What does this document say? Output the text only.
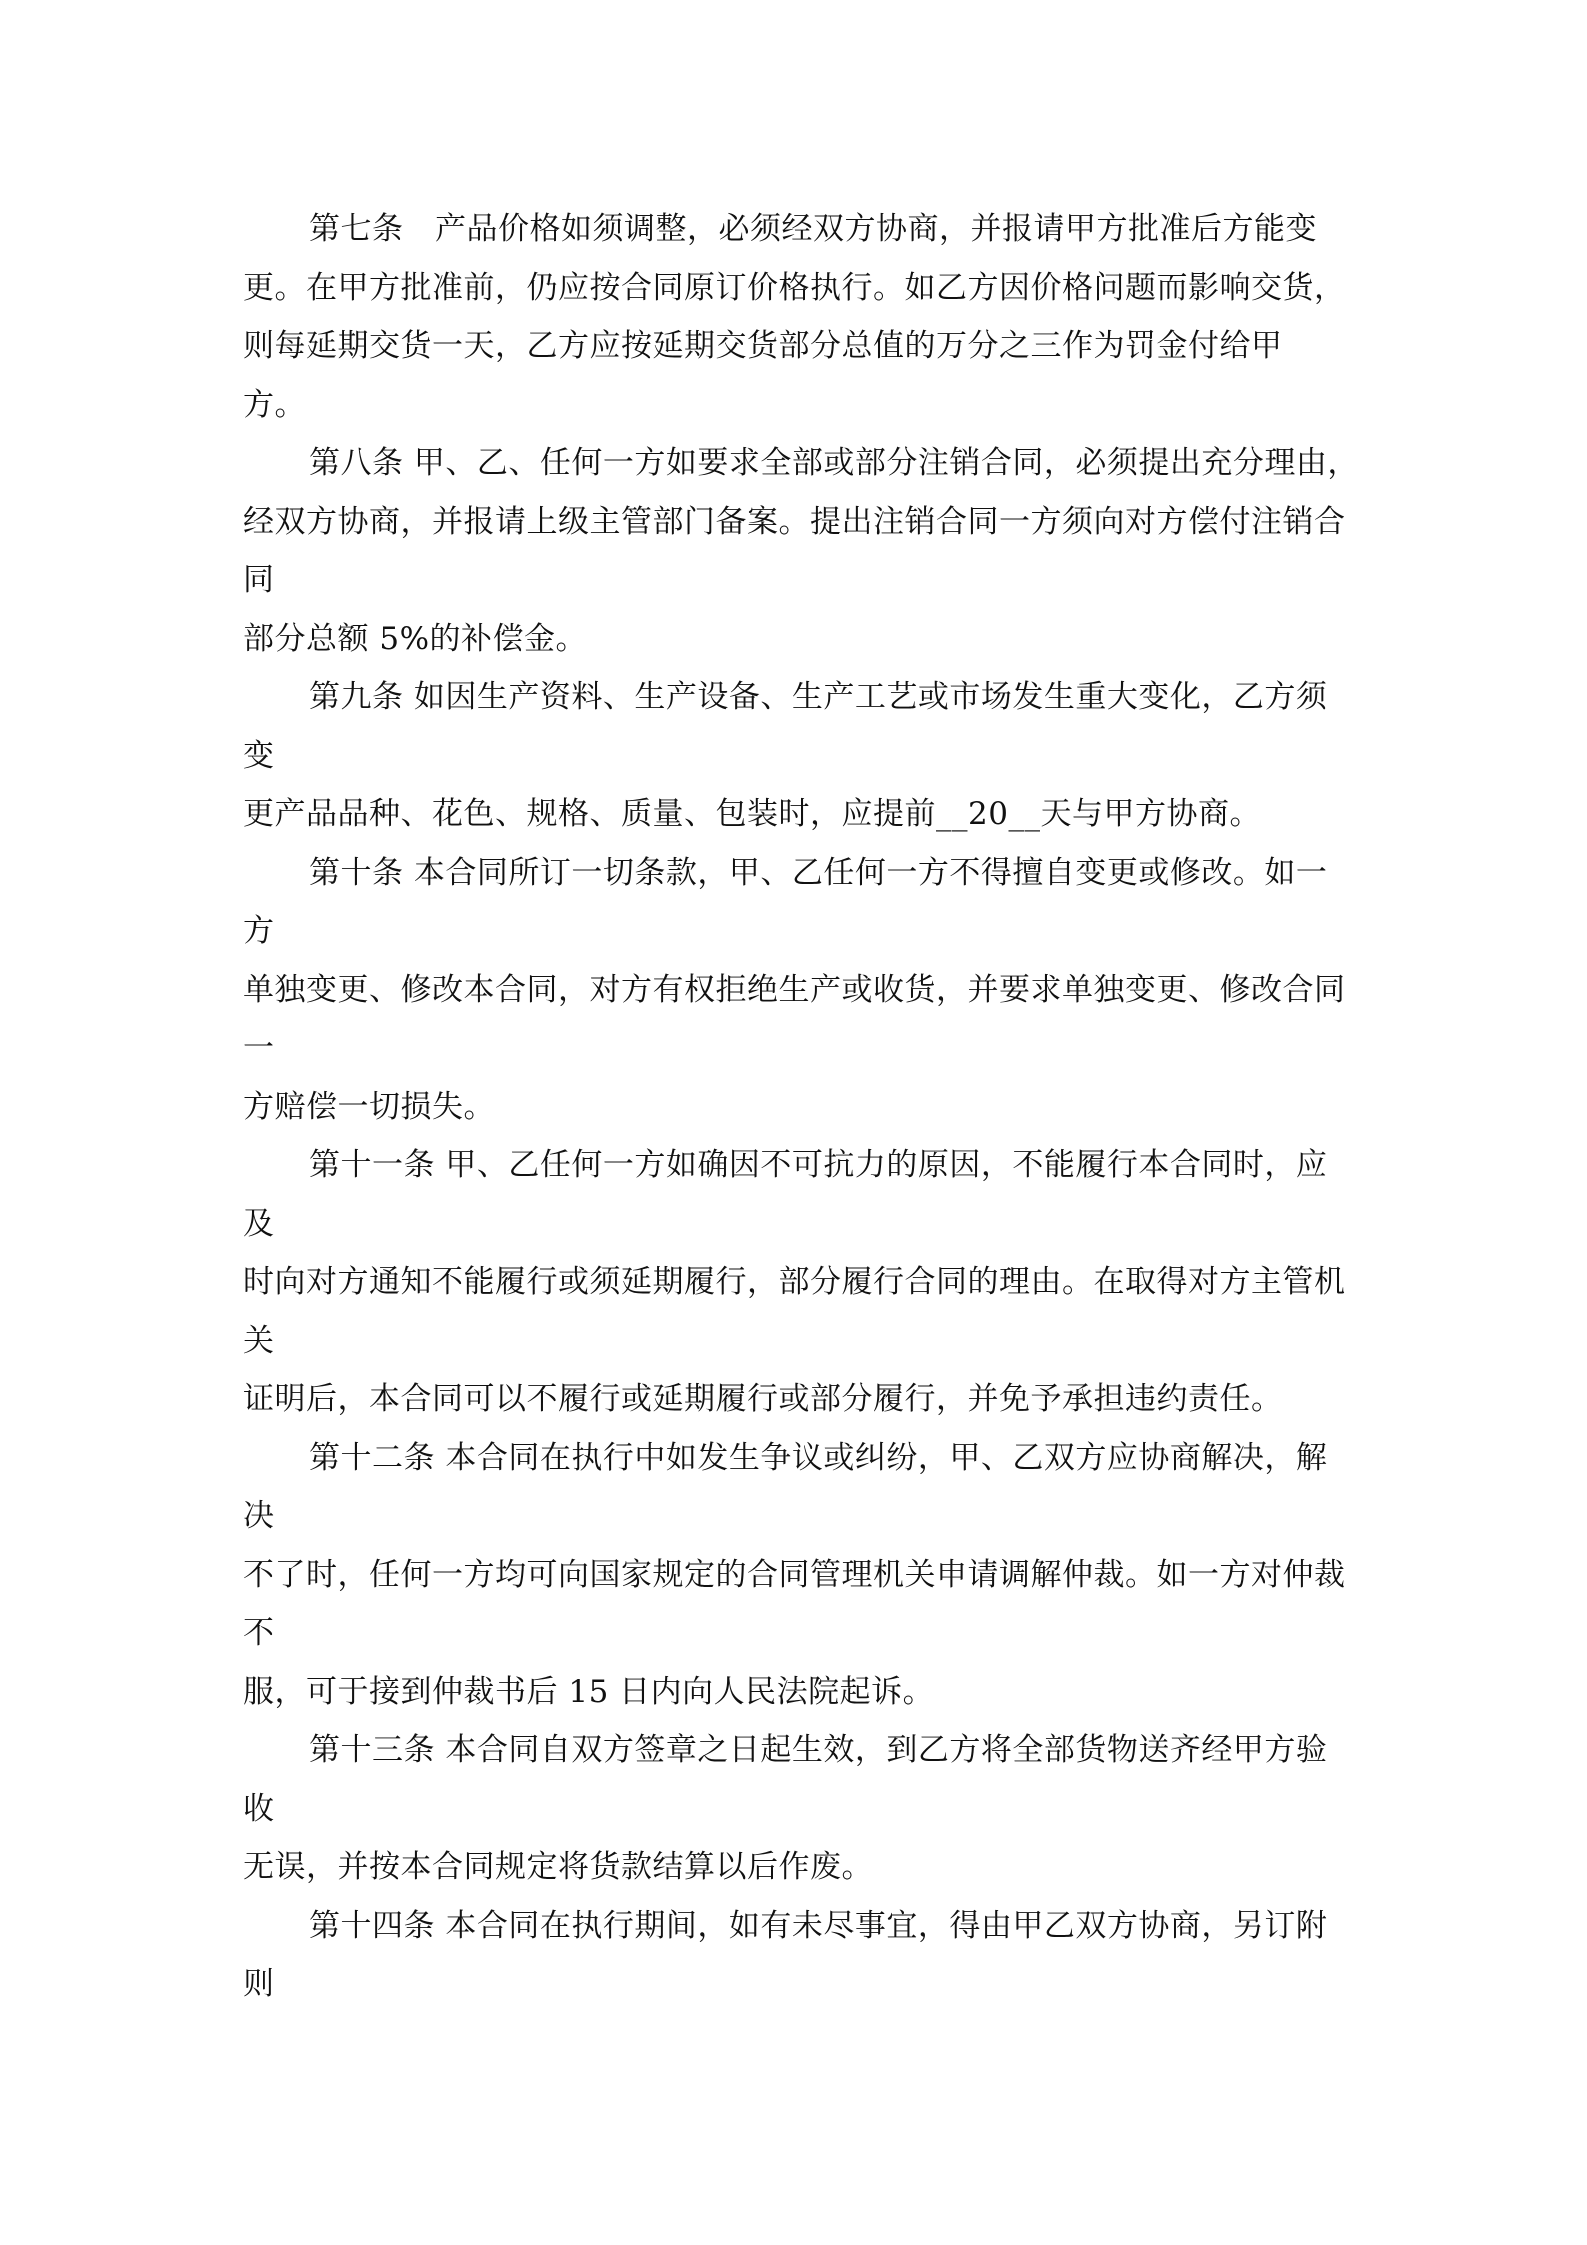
第七条　产品价格如须调整，必须经双方协商，并报请甲方批准后方能变
更。在甲方批准前，仍应按合同原订价格执行。如乙方因价格问题而影响交货，
则每延期交货一天，乙方应按延期交货部分总值的万分之三作为罚金付给甲
方。
第八条 甲、乙、任何一方如要求全部或部分注销合同，必须提出充分理由，
经双方协商，并报请上级主管部门备案。提出注销合同一方须向对方偿付注销合
同
部分总额 5%的补偿金。
第九条 如因生产资料、生产设备、生产工艺或市场发生重大变化，乙方须
变
更产品品种、花色、规格、质量、包装时，应提前__20__天与甲方协商。
第十条 本合同所订一切条款，甲、乙任何一方不得擅自变更或修改。如一
方
单独变更、修改本合同，对方有权拒绝生产或收货，并要求单独变更、修改合同
一
方赔偿一切损失。
第十一条 甲、乙任何一方如确因不可抗力的原因，不能履行本合同时，应
及
时向对方通知不能履行或须延期履行，部分履行合同的理由。在取得对方主管机
关
证明后，本合同可以不履行或延期履行或部分履行，并免予承担违约责任。
第十二条 本合同在执行中如发生争议或纠纷，甲、乙双方应协商解决，解
决
不了时，任何一方均可向国家规定的合同管理机关申请调解仲裁。如一方对仲裁
不
服，可于接到仲裁书后 15 日内向人民法院起诉。
第十三条 本合同自双方签章之日起生效，到乙方将全部货物送齐经甲方验
收
无误，并按本合同规定将货款结算以后作废。
第十四条 本合同在执行期间，如有未尽事宜，得由甲乙双方协商，另订附
则
